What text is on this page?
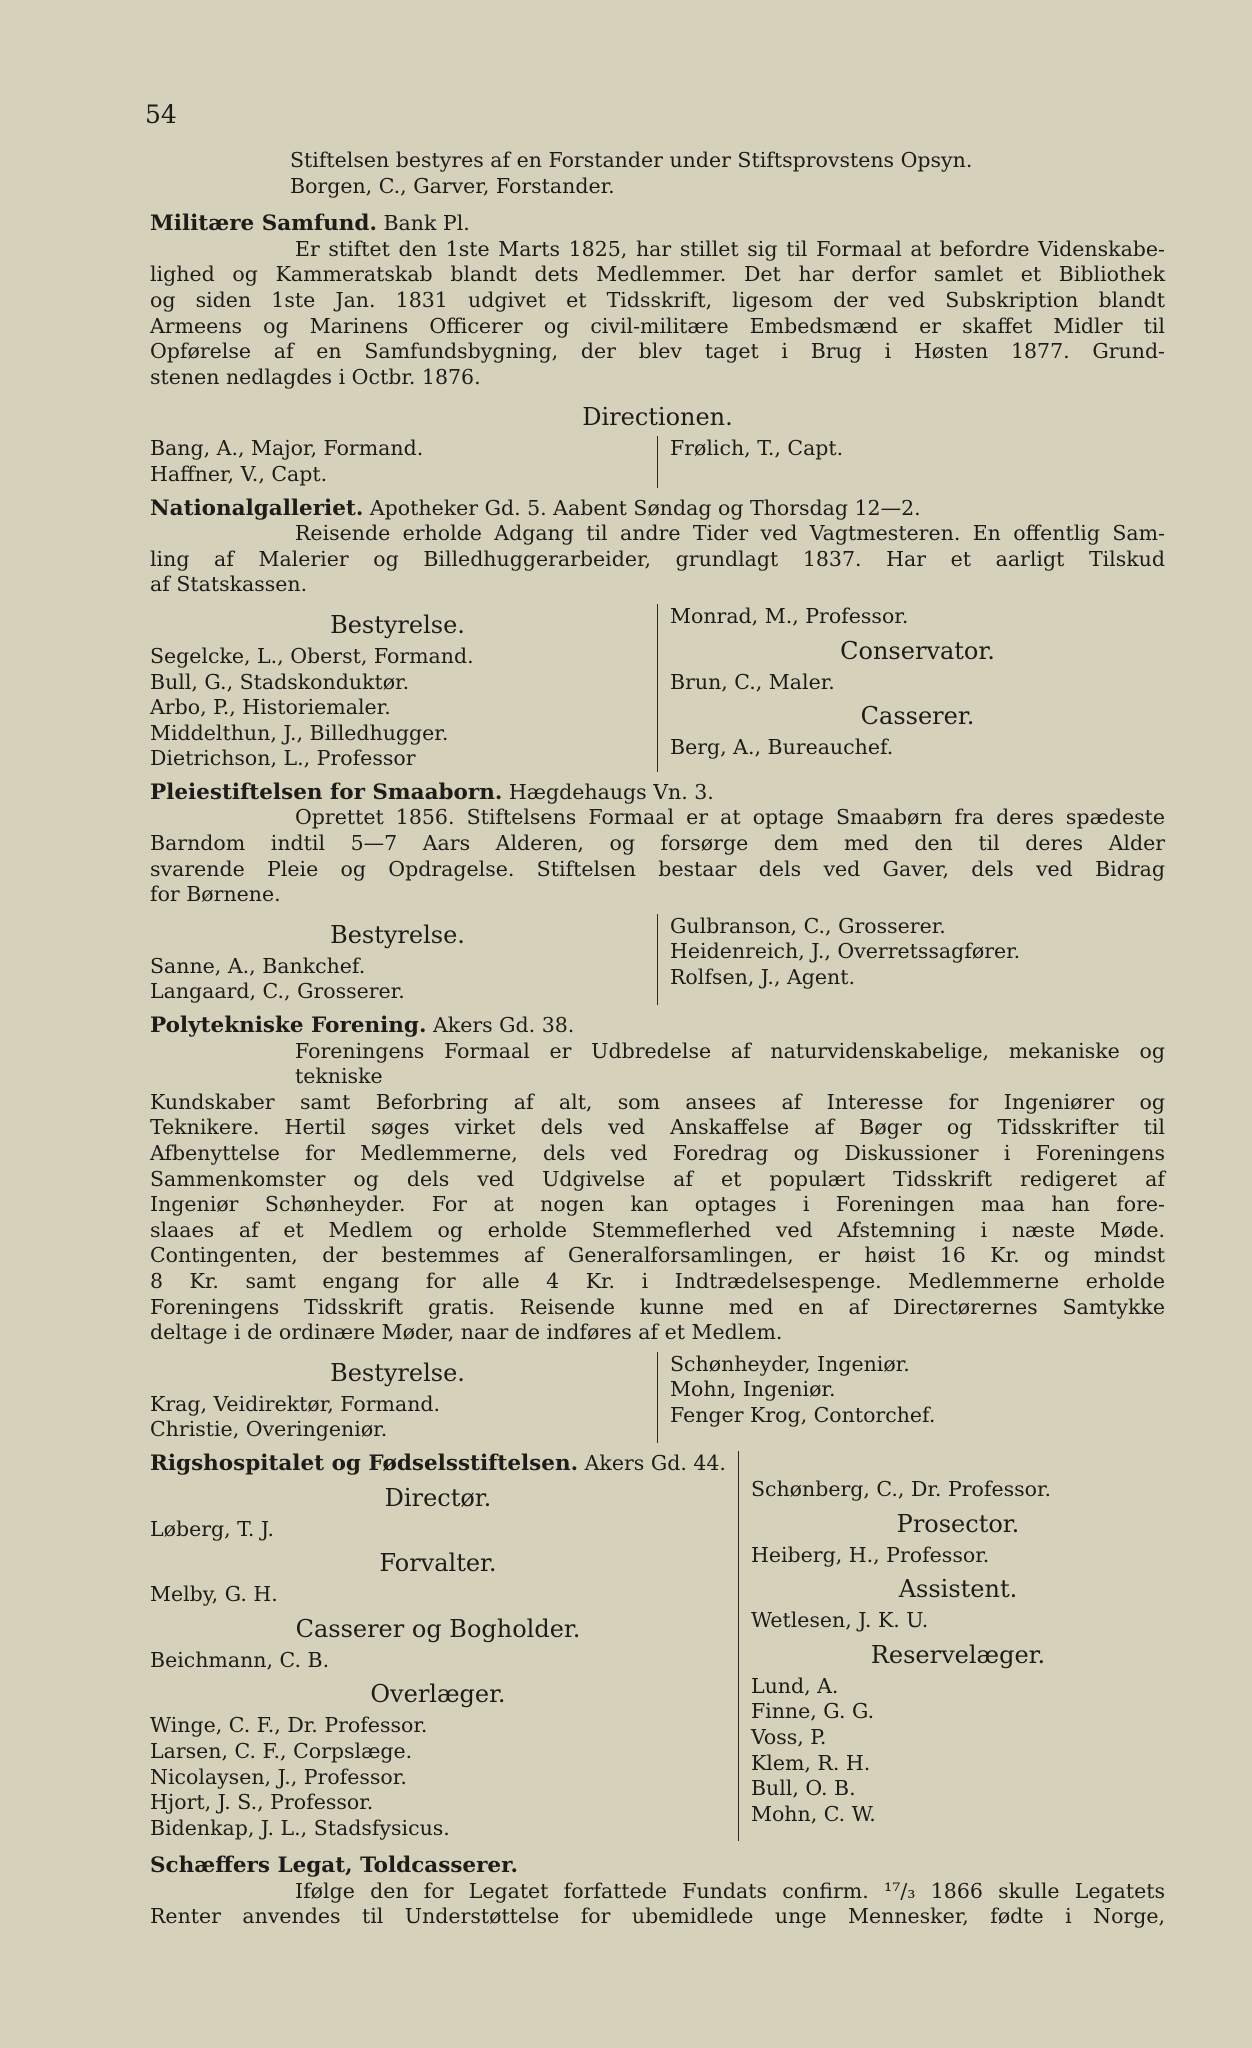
54
Stiftelsen bestyres af en Forstander under Stiftsprovstens Opsyn.
Borgen, C., Garver, Forstander.
Militære Samfund. Bank Pl.
Er stiftet den 1ste Marts 1825, har stillet sig til Formaal at befordre Videnskabe-
lighed og Kammeratskab blandt dets Medlemmer. Det har derfor samlet et Bibliothek
og siden 1ste Jan. 1831 udgivet et Tidsskrift, ligesom der ved Subskription blandt
Armeens og Marinens Officerer og civil-militære Embedsmænd er skaffet Midler til
Opførelse af en Samfundsbygning, der blev taget i Brug i Høsten 1877. Grund-
stenen nedlagdes i Octbr. 1876.
Directionen.
Bang, A., Major, Formand.
Haffner, V., Capt.
Frølich, T., Capt.
Nationalgalleriet. Apotheker Gd. 5. Aabent Søndag og Thorsdag 12—2.
Reisende erholde Adgang til andre Tider ved Vagtmesteren. En offentlig Sam-
ling af Malerier og Billedhuggerarbeider, grundlagt 1837. Har et aarligt Tilskud
af Statskassen.
Bestyrelse.
Segelcke, L., Oberst, Formand.
Bull, G., Stadskonduktør.
Arbo, P., Historiemaler.
Middelthun, J., Billedhugger.
Dietrichson, L., Professor
Monrad, M., Professor.
Conservator.
Brun, C., Maler.
Casserer.
Berg, A., Bureauchef.
Pleiestiftelsen for Smaaborn. Hægdehaugs Vn. 3.
Oprettet 1856. Stiftelsens Formaal er at optage Smaabørn fra deres spædeste
Barndom indtil 5—7 Aars Alderen, og forsørge dem med den til deres Alder
svarende Pleie og Opdragelse. Stiftelsen bestaar dels ved Gaver, dels ved Bidrag
for Børnene.
Bestyrelse.
Sanne, A., Bankchef.
Langaard, C., Grosserer.
Gulbranson, C., Grosserer.
Heidenreich, J., Overretssagfører.
Rolfsen, J., Agent.
Polytekniske Forening. Akers Gd. 38.
Foreningens Formaal er Udbredelse af naturvidenskabelige, mekaniske og tekniske
Kundskaber samt Beforbring af alt, som ansees af Interesse for Ingeniører og
Teknikere. Hertil søges virket dels ved Anskaffelse af Bøger og Tidsskrifter til
Afbenyttelse for Medlemmerne, dels ved Foredrag og Diskussioner i Foreningens
Sammenkomster og dels ved Udgivelse af et populært Tidsskrift redigeret af
Ingeniør Schønheyder. For at nogen kan optages i Foreningen maa han fore-
slaaes af et Medlem og erholde Stemmeflerhed ved Afstemning i næste Møde.
Contingenten, der bestemmes af Generalforsamlingen, er høist 16 Kr. og mindst
8 Kr. samt engang for alle 4 Kr. i Indtrædelsespenge. Medlemmerne erholde
Foreningens Tidsskrift gratis. Reisende kunne med en af Directørernes Samtykke
deltage i de ordinære Møder, naar de indføres af et Medlem.
Bestyrelse.
Krag, Veidirektør, Formand.
Christie, Overingeniør.
Schønheyder, Ingeniør.
Mohn, Ingeniør.
Fenger Krog, Contorchef.
Rigshospitalet og Fødselsstiftelsen. Akers Gd. 44.
Directør.
Løberg, T. J.
Forvalter.
Melby, G. H.
Casserer og Bogholder.
Beichmann, C. B.
Overlæger.
Winge, C. F., Dr. Professor.
Larsen, C. F., Corpslæge.
Nicolaysen, J., Professor.
Hjort, J. S., Professor.
Bidenkap, J. L., Stadsfysicus.
Schønberg, C., Dr. Professor.
Prosector.
Heiberg, H., Professor.
Assistent.
Wetlesen, J. K. U.
Reservelæger.
Lund, A.
Finne, G. G.
Voss, P.
Klem, R. H.
Bull, O. B.
Mohn, C. W.
Schæffers Legat, Toldcasserer.
Ifølge den for Legatet forfattede Fundats confirm. ¹⁷/₃ 1866 skulle Legatets
Renter anvendes til Understøttelse for ubemidlede unge Mennesker, fødte i Norge,
